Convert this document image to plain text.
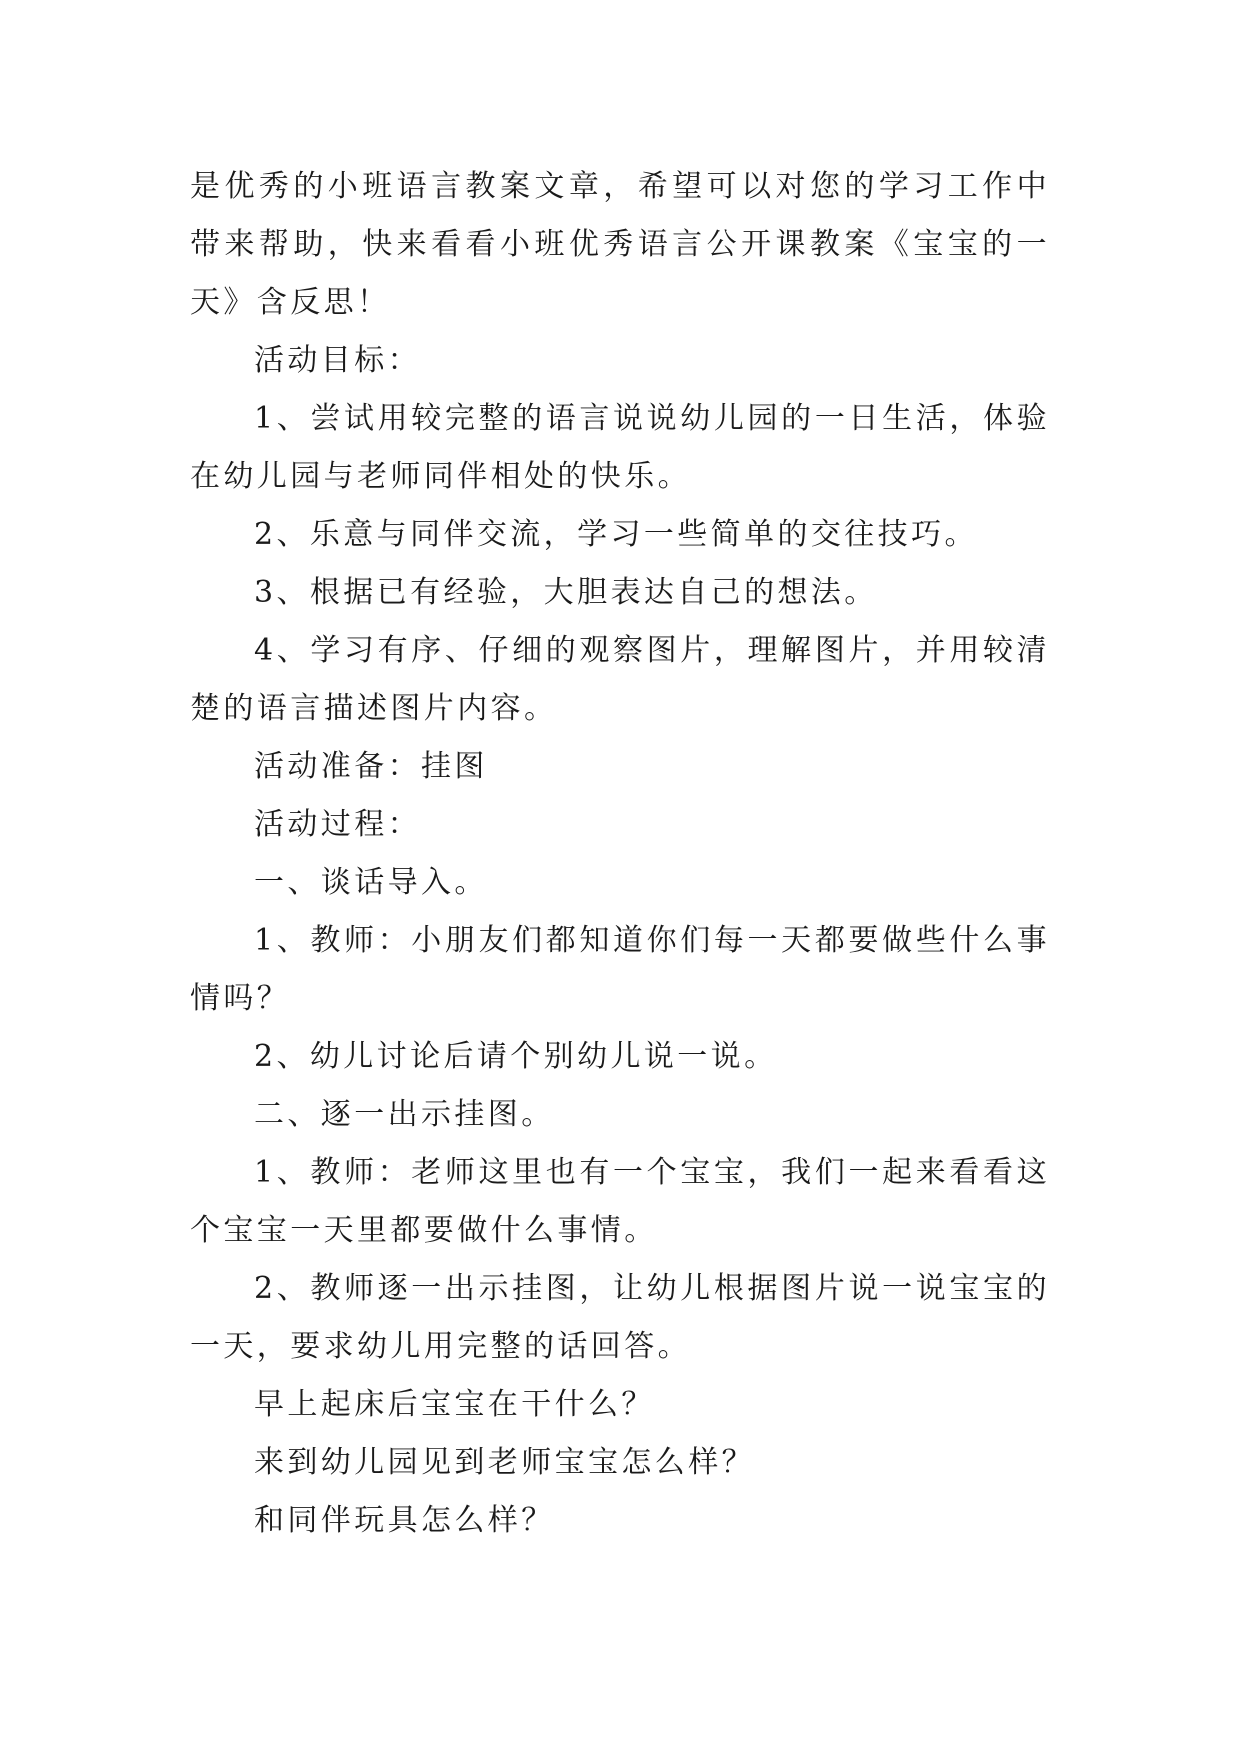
是优秀的小班语言教案文章，希望可以对您的学习工作中带来帮助，快来看看小班优秀语言公开课教案《宝宝的一天》含反思！

活动目标：

1、尝试用较完整的语言说说幼儿园的一日生活，体验在幼儿园与老师同伴相处的快乐。

2、乐意与同伴交流，学习一些简单的交往技巧。

3、根据已有经验，大胆表达自己的想法。

4、学习有序、仔细的观察图片，理解图片，并用较清楚的语言描述图片内容。

活动准备：挂图

活动过程：

一、谈话导入。

1、教师：小朋友们都知道你们每一天都要做些什么事情吗？

2、幼儿讨论后请个别幼儿说一说。

二、逐一出示挂图。

1、教师：老师这里也有一个宝宝，我们一起来看看这个宝宝一天里都要做什么事情。

2、教师逐一出示挂图，让幼儿根据图片说一说宝宝的一天，要求幼儿用完整的话回答。

早上起床后宝宝在干什么？

来到幼儿园见到老师宝宝怎么样？

和同伴玩具怎么样？
